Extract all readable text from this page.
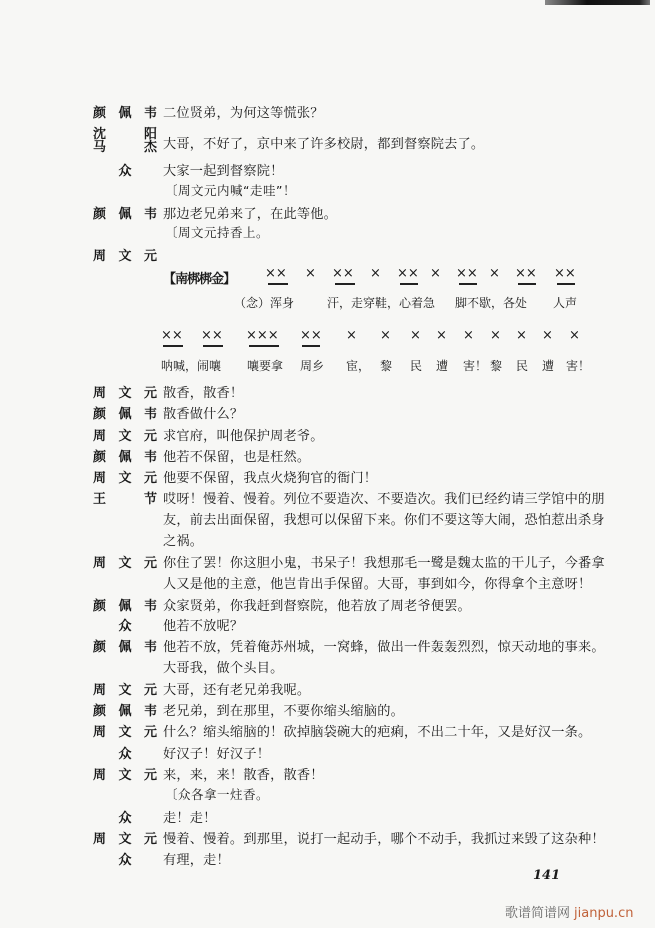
颜 佩 韦 二位贤弟，为何这等慌张？
沈	阳
马	杰 大哥，不好了，京中来了许多校尉，都到督察院去了。
众 大家一起到督察院！
〔周文元内喊“走哇”！
颜 佩 韦 那边老兄弟来了，在此等他。
〔周文元持香上。
周 文 元
【南梆梆金】 ×× × ×× × ×× × ×× × ×× ××
（念）浑身	汗，走穿 鞋，心着急 脚不歇，各处 人声
×× ×× ××× ×× × × × × × × × × ×
呐喊，闹嚷 嚷要拿 周乡 宦， 黎 民 遭 害！ 黎 民 遭 害！
周 文 元 散香，散香！
颜 佩 韦 散香做什么？
周 文 元 求官府，叫他保护周老爷。
颜 佩 韦 他若不保留，也是枉然。
周 文 元 他要不保留，我点火烧狗官的衙门！
王	节 哎呀！慢着、慢着。列位不要造次、不要造次。我们已经约请三学馆中的朋
友，前去出面保留，我想可以保留下来。你们不要这等大闹，恐怕惹出杀身
之祸。
周 文 元 你住了罢！你这胆小鬼，书呆子！我想那毛一鹭是魏太监的干儿子，今番拿
人又是他的主意，他岂肯出手保留。大哥，事到如今，你得拿个主意呀！
颜 佩 韦 众家贤弟，你我赶到督察院，他若放了周老爷便罢。
众 他若不放呢？
颜 佩 韦 他若不放，凭着俺苏州城，一窝蜂，做出一件轰轰烈烈，惊天动地的事来。
大哥我，做个头目。
周 文 元 大哥，还有老兄弟我呢。
颜 佩 韦 老兄弟，到在那里，不要你缩头缩脑的。
周 文 元 什么？缩头缩脑的！砍掉脑袋碗大的疤痢，不出二十年，又是好汉一条。
众 好汉子！好汉子！
周 文 元 来，来，来！散香，散香！
〔众各拿一炷香。
众 走！走！
周 文 元 慢着、慢着。到那里，说打一起动手，哪个不动手，我抓过来毁了这杂种！
众 有理，走！
141
歌谱简谱网 jianpu.cn
